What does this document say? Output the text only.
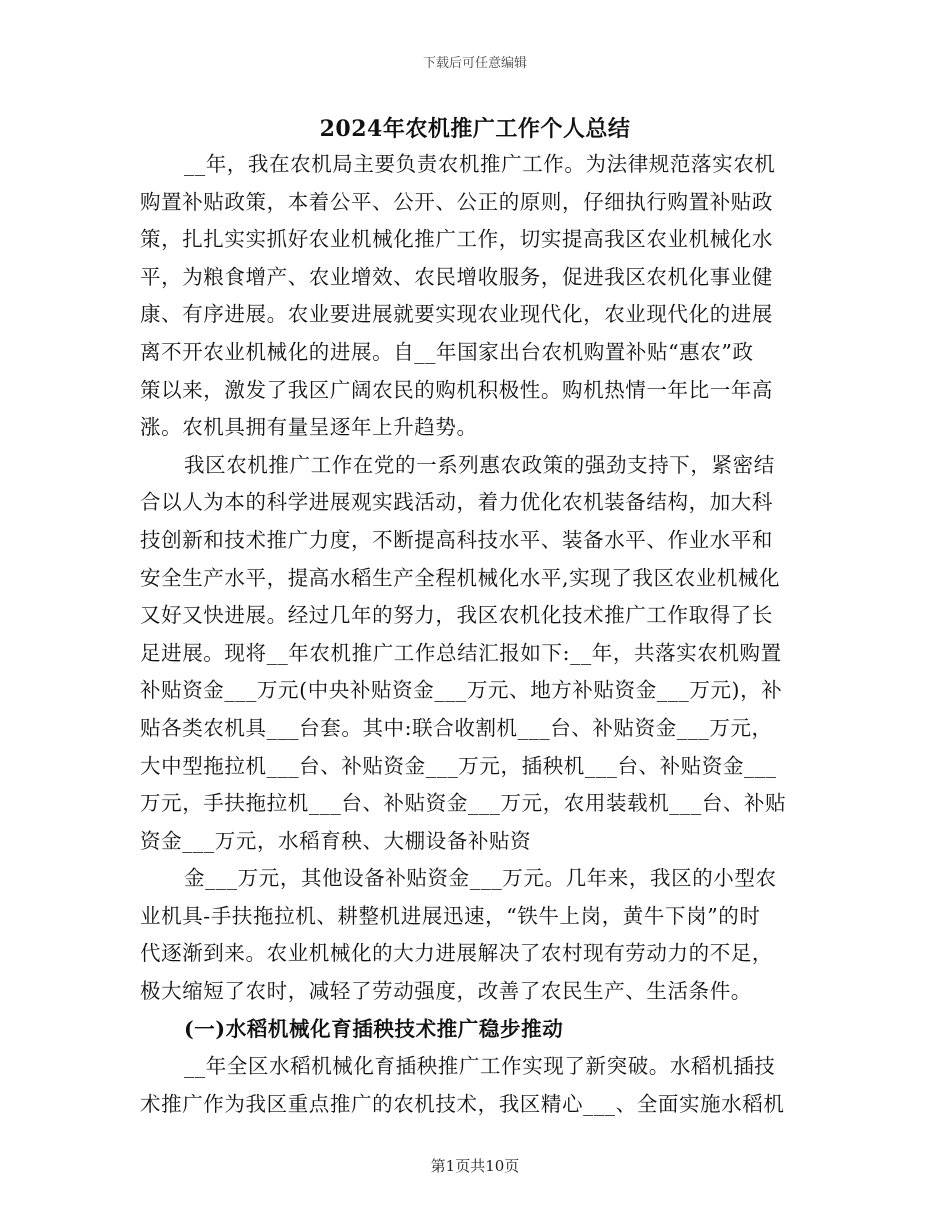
下载后可任意编辑
2024年农机推广工作个人总结
__年，我在农机局主要负责农机推广工作。为法律规范落实农机
购置补贴政策，本着公平、公开、公正的原则，仔细执行购置补贴政
策，扎扎实实抓好农业机械化推广工作，切实提高我区农业机械化水
平，为粮食增产、农业增效、农民增收服务，促进我区农机化事业健
康、有序进展。农业要进展就要实现农业现代化，农业现代化的进展
离不开农业机械化的进展。自__年国家出台农机购置补贴“惠农”政
策以来，激发了我区广阔农民的购机积极性。购机热情一年比一年高
涨。农机具拥有量呈逐年上升趋势。
我区农机推广工作在党的一系列惠农政策的强劲支持下，紧密结
合以人为本的科学进展观实践活动，着力优化农机装备结构，加大科
技创新和技术推广力度，不断提高科技水平、装备水平、作业水平和
安全生产水平，提高水稻生产全程机械化水平,实现了我区农业机械化
又好又快进展。经过几年的努力，我区农机化技术推广工作取得了长
足进展。现将__年农机推广工作总结汇报如下:__年，共落实农机购置
补贴资金___万元(中央补贴资金___万元、地方补贴资金___万元)，补
贴各类农机具___台套。其中:联合收割机___台、补贴资金___万元，
大中型拖拉机___台、补贴资金___万元，插秧机___台、补贴资金___
万元，手扶拖拉机___台、补贴资金___万元，农用装载机___台、补贴
资金___万元，水稻育秧、大棚设备补贴资
金___万元，其他设备补贴资金___万元。几年来，我区的小型农
业机具-手扶拖拉机、耕整机进展迅速，“铁牛上岗，黄牛下岗”的时
代逐渐到来。农业机械化的大力进展解决了农村现有劳动力的不足，
极大缩短了农时，减轻了劳动强度，改善了农民生产、生活条件。
(一)水稻机械化育插秧技术推广稳步推动
__年全区水稻机械化育插秧推广工作实现了新突破。水稻机插技
术推广作为我区重点推广的农机技术，我区精心___、全面实施水稻机
第1页共10页
